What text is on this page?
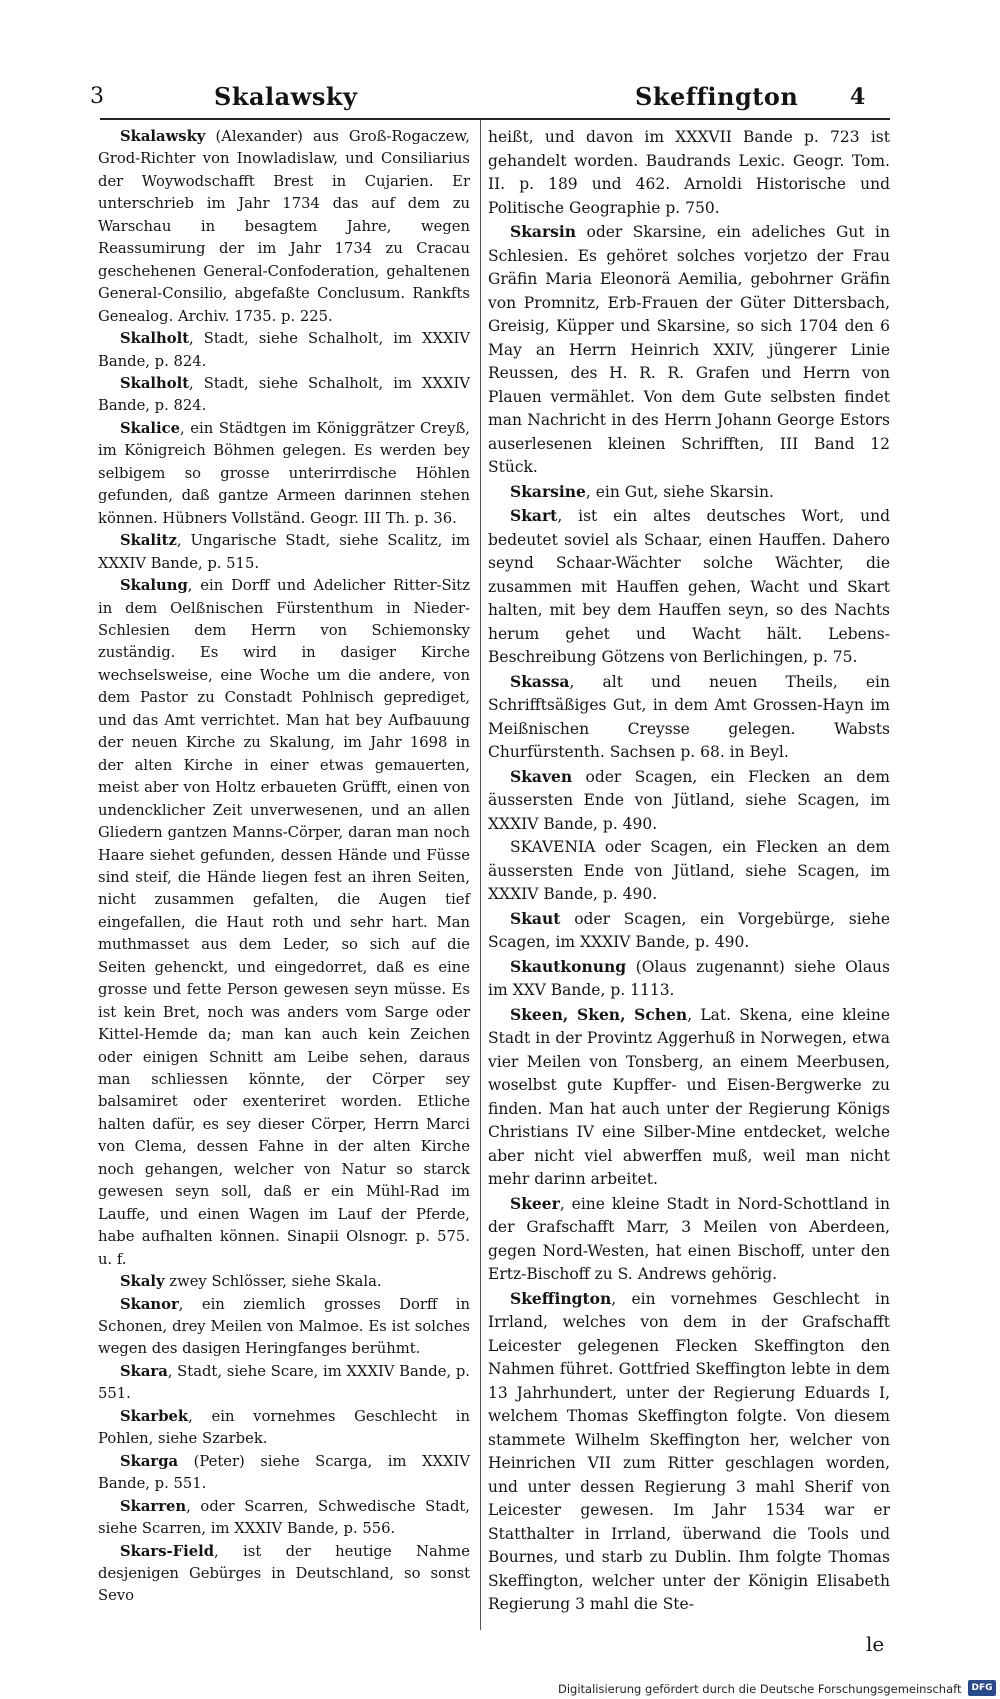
3	Skalawsky	Skeffington 4

Skalawsky (Alexander) aus Groß-Rogaczew, Grod-Richter von Inowladislaw, und Consiliarius der Woywodschafft Brest in Cujarien. Er unterschrieb im Jahr 1734 das auf dem zu Warschau in besagtem Jahre, wegen Reassumirung der im Jahr 1734 zu Cracau geschehenen General-Confoderation, gehaltenen General-Consilio, abgefaßte Conclusum. Rankfts Genealog. Archiv. 1735. p. 225.

Skalholt, Stadt, siehe Schalholt, im XXXIV Bande, p. 824.

Skalholt, Stadt, siehe Schalholt, im XXXIV Bande, p. 824.

Skalice, ein Städtgen im Königgrätzer Creyß, im Königreich Böhmen gelegen. Es werden bey selbigem so grosse unterirrdische Höhlen gefunden, daß gantze Armeen darinnen stehen können. Hübners Vollständ. Geogr. III Th. p. 36.

Skalitz, Ungarische Stadt, siehe Scalitz, im XXXIV Bande, p. 515.

Skalung, ein Dorff und Adelicher Ritter-Sitz in dem Oelßnischen Fürstenthum in Nieder-Schlesien dem Herrn von Schiemonsky zuständig. Es wird in dasiger Kirche wechselsweise, eine Woche um die andere, von dem Pastor zu Constadt Pohlnisch geprediget, und das Amt verrichtet. Man hat bey Aufbauung der neuen Kirche zu Skalung, im Jahr 1698 in der alten Kirche in einer etwas gemauerten, meist aber von Holtz erbaueten Grüfft, einen von undencklicher Zeit unverwesenen, und an allen Gliedern gantzen Manns-Cörper, daran man noch Haare siehet gefunden, dessen Hände und Füsse sind steif, die Hände liegen fest an ihren Seiten, nicht zusammen gefalten, die Augen tief eingefallen, die Haut roth und sehr hart. Man muthmasset aus dem Leder, so sich auf die Seiten gehenckt, und eingedorret, daß es eine grosse und fette Person gewesen seyn müsse. Es ist kein Bret, noch was anders vom Sarge oder Kittel-Hemde da; man kan auch kein Zeichen oder einigen Schnitt am Leibe sehen, daraus man schliessen könnte, der Cörper sey balsamiret oder exenteriret worden. Etliche halten dafür, es sey dieser Cörper, Herrn Marci von Clema, dessen Fahne in der alten Kirche noch gehangen, welcher von Natur so starck gewesen seyn soll, daß er ein Mühl-Rad im Lauffe, und einen Wagen im Lauf der Pferde, habe aufhalten können. Sinapii Olsnogr. p. 575. u. f.

Skaly zwey Schlösser, siehe Skala.

Skanor, ein ziemlich grosses Dorff in Schonen, drey Meilen von Malmoe. Es ist solches wegen des dasigen Heringfanges berühmt.

Skara, Stadt, siehe Scare, im XXXIV Bande, p. 551.

Skarbek, ein vornehmes Geschlecht in Pohlen, siehe Szarbek.

Skarga (Peter) siehe Scarga, im XXXIV Bande, p. 551.

Skarren, oder Scarren, Schwedische Stadt, siehe Scarren, im XXXIV Bande, p. 556.

Skars-Field, ist der heutige Nahme desjenigen Gebürges in Deutschland, so sonst Sevo

heißt, und davon im XXXVII Bande p. 723 ist gehandelt worden. Baudrands Lexic. Geogr. Tom. II. p. 189 und 462. Arnoldi Historische und Politische Geographie p. 750.

Skarsin oder Skarsine, ein adeliches Gut in Schlesien. Es gehöret solches vorjetzo der Frau Gräfin Maria Eleonorä Aemilia, gebohrner Gräfin von Promnitz, Erb-Frauen der Güter Dittersbach, Greisig, Küpper und Skarsine, so sich 1704 den 6 May an Herrn Heinrich XXIV, jüngerer Linie Reussen, des H. R. R. Grafen und Herrn von Plauen vermählet. Von dem Gute selbsten findet man Nachricht in des Herrn Johann George Estors auserlesenen kleinen Schrifften, III Band 12 Stück.

Skarsine, ein Gut, siehe Skarsin.

Skart, ist ein altes deutsches Wort, und bedeutet soviel als Schaar, einen Hauffen. Dahero seynd Schaar-Wächter solche Wächter, die zusammen mit Hauffen gehen, Wacht und Skart halten, mit bey dem Hauffen seyn, so des Nachts herum gehet und Wacht hält. Lebens-Beschreibung Götzens von Berlichingen, p. 75.

Skassa, alt und neuen Theils, ein Schrifftsäßiges Gut, in dem Amt Grossen-Hayn im Meißnischen Creysse gelegen. Wabsts Churfürstenth. Sachsen p. 68. in Beyl.

Skaven oder Scagen, ein Flecken an dem äussersten Ende von Jütland, siehe Scagen, im XXXIV Bande, p. 490.

SKAVENIA oder Scagen, ein Flecken an dem äussersten Ende von Jütland, siehe Scagen, im XXXIV Bande, p. 490.

Skaut oder Scagen, ein Vorgebürge, siehe Scagen, im XXXIV Bande, p. 490.

Skautkonung (Olaus zugenannt) siehe Olaus im XXV Bande, p. 1113.

Skeen, Sken, Schen, Lat. Skena, eine kleine Stadt in der Provintz Aggerhuß in Norwegen, etwa vier Meilen von Tonsberg, an einem Meerbusen, woselbst gute Kupffer- und Eisen-Bergwerke zu finden. Man hat auch unter der Regierung Königs Christians IV eine Silber-Mine entdecket, welche aber nicht viel abwerffen muß, weil man nicht mehr darinn arbeitet.

Skeer, eine kleine Stadt in Nord-Schottland in der Grafschafft Marr, 3 Meilen von Aberdeen, gegen Nord-Westen, hat einen Bischoff, unter den Ertz-Bischoff zu S. Andrews gehörig.

Skeffington, ein vornehmes Geschlecht in Irrland, welches von dem in der Grafschafft Leicester gelegenen Flecken Skeffington den Nahmen führet. Gottfried Skeffington lebte in dem 13 Jahrhundert, unter der Regierung Eduards I, welchem Thomas Skeffington folgte. Von diesem stammete Wilhelm Skeffington her, welcher von Heinrichen VII zum Ritter geschlagen worden, und unter dessen Regierung 3 mahl Sherif von Leicester gewesen. Im Jahr 1534 war er Statthalter in Irrland, überwand die Tools und Bournes, und starb zu Dublin. Ihm folgte Thomas Skeffington, welcher unter der Königin Elisabeth Regierung 3 mahl die Ste-

le
Digitalisierung gefördert durch die Deutsche Forschungsgemeinschaft	DFG
